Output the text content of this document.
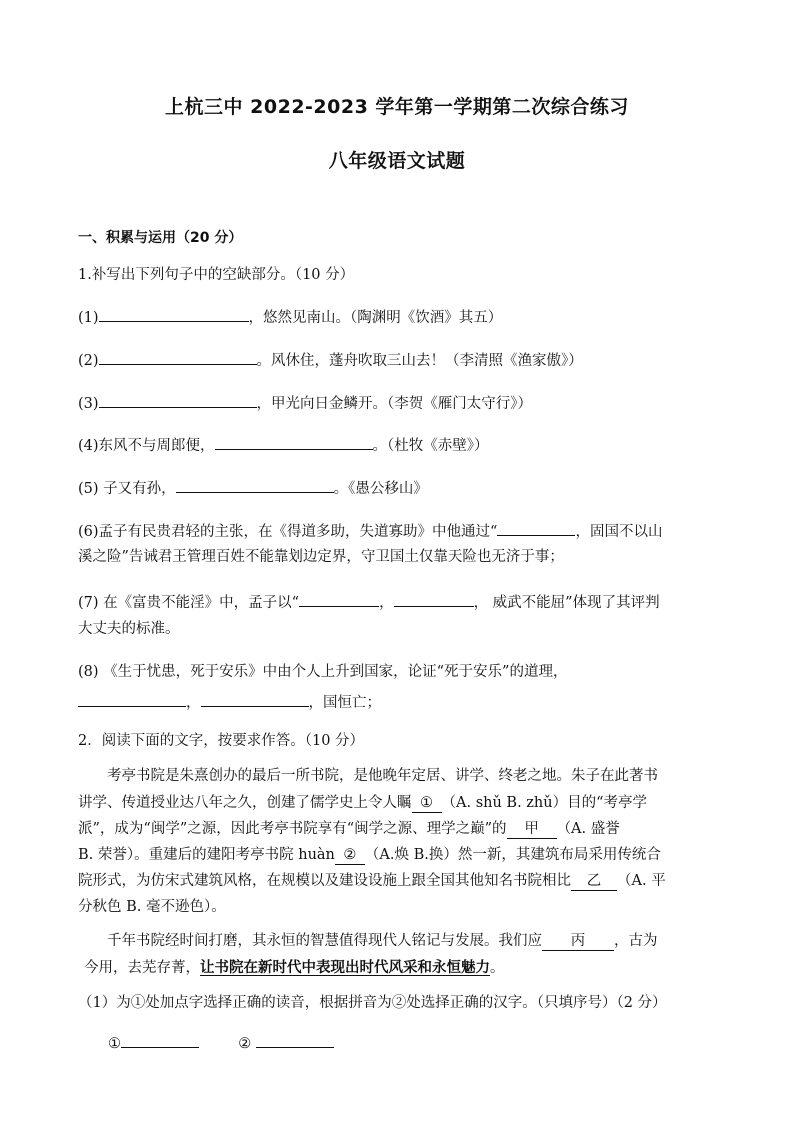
上杭三中 2022-2023 学年第一学期第二次综合练习
八年级语文试题
一、积累与运用（20 分）
1.补写出下列句子中的空缺部分。（10 分）
(1)	，悠然见南山。（陶渊明《饮酒》其五）
(2)	。风休住，蓬舟吹取三山去！（李清照《渔家傲》）
(3)	，甲光向日金鳞开。（李贺《雁门太守行》）
(4)东风不与周郎便，	。（杜牧《赤壁》）
(5) 子又有孙，	。《愚公移山》
(6)孟子有民贵君轻的主张，在《得道多助，失道寡助》中他通过“	，固国不以山
溪之险”告诫君王管理百姓不能靠划边定界，守卫国土仅靠天险也无济于事；
(7) 在《富贵不能淫》中，孟子以“	，	， 威武不能屈”体现了其评判
大丈夫的标准。
(8) 《生于忧患，死于安乐》中由个人上升到国家，论证“死于安乐”的道理，
，	，国恒亡；
2．阅读下面的文字，按要求作答。（10 分）
考亭书院是朱熹创办的最后一所书院，是他晚年定居、讲学、终老之地。朱子在此著书
讲学、传道授业达八年之久，创建了儒学史上令人瞩 ① （A. shǔ B. zhǔ）目的“考亭学
派”，成为“闽学”之源，因此考亭书院享有“闽学之源、理学之巅”的 甲 （A. 盛誉
B. 荣誉）。重建后的建阳考亭书院 huàn ② （A.焕 B.换）然一新，其建筑布局采用传统合
院形式，为仿宋式建筑风格，在规模以及建设设施上跟全国其他知名书院相比 乙 （A. 平
分秋色 B. 毫不逊色）。
千年书院经时间打磨，其永恒的智慧值得现代人铭记与发展。我们应 丙 ，古为
今用，去芜存菁，让书院在新时代中表现出时代风采和永恒魅力。
（1）为①处加点字选择正确的读音，根据拼音为②处选择正确的汉字。（只填序号）（2 分）
①	②
